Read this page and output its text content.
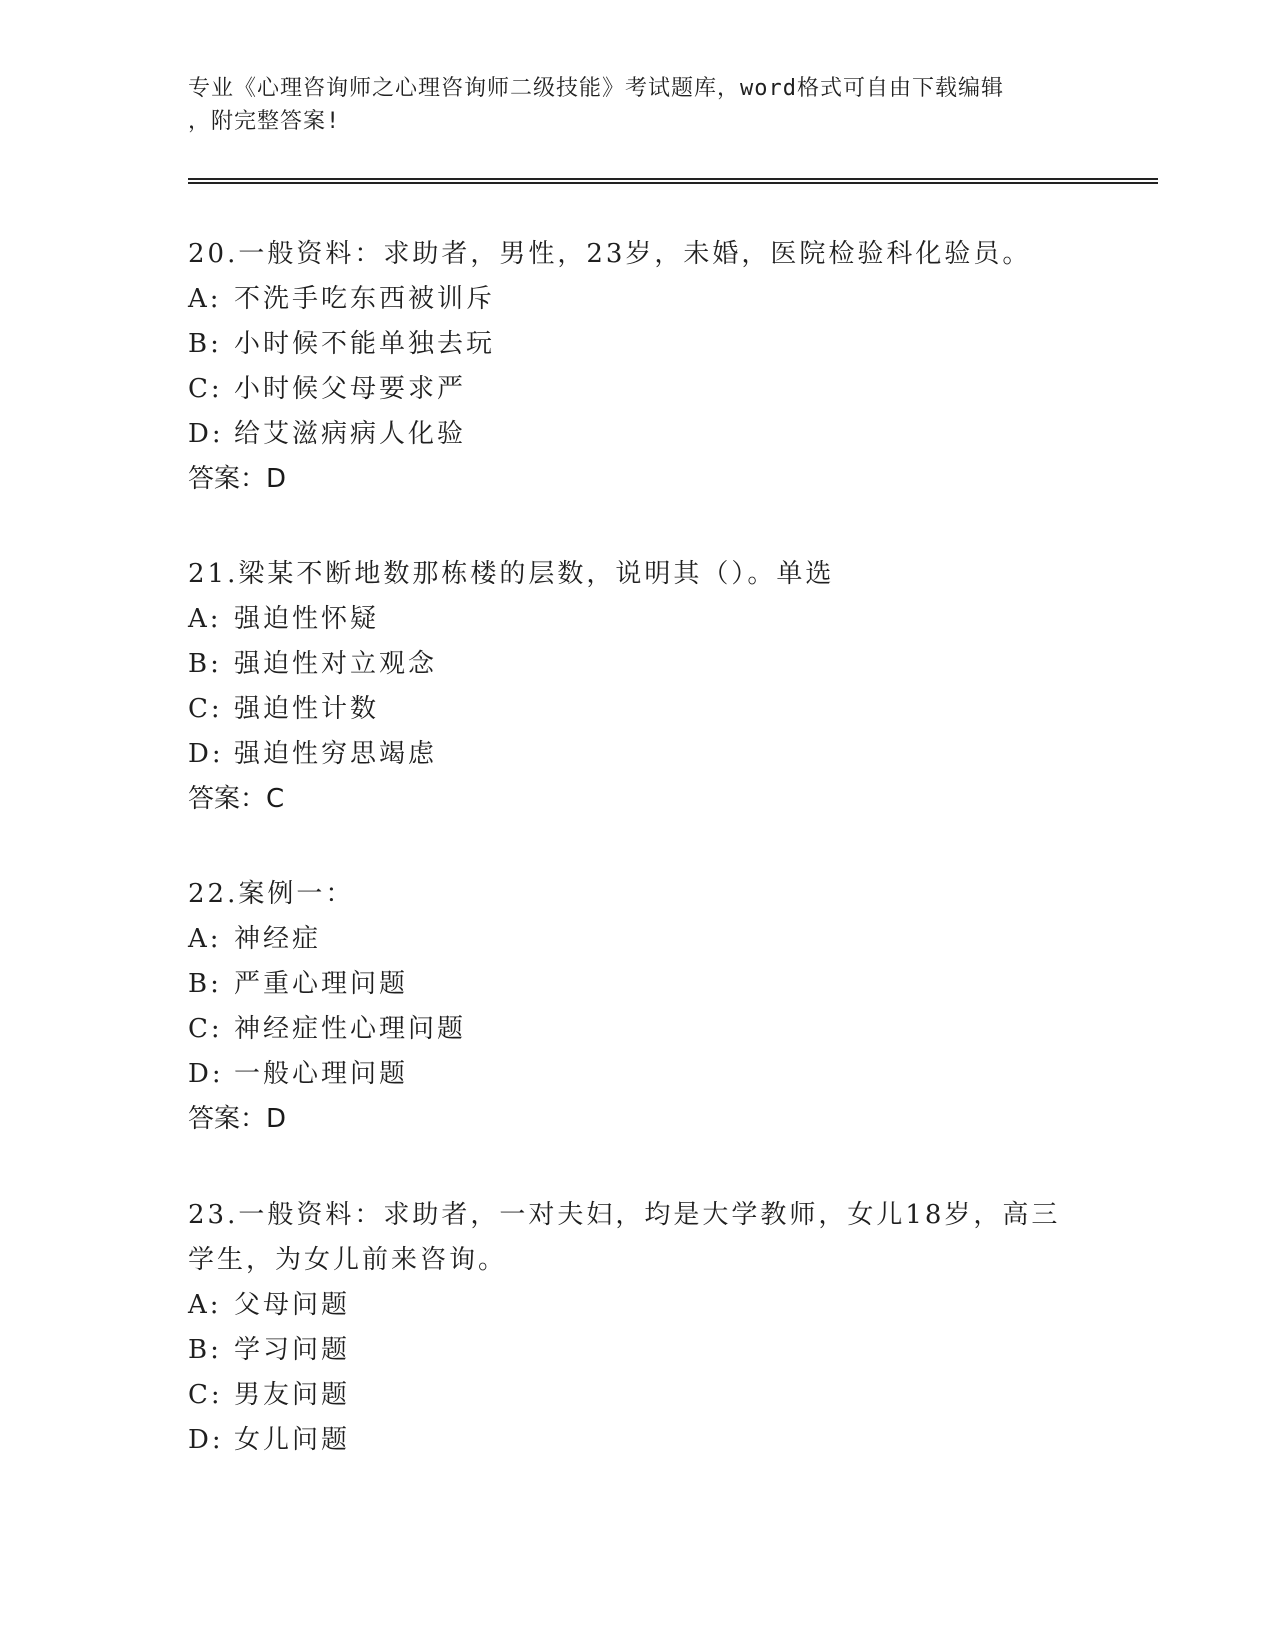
专业《心理咨询师之心理咨询师二级技能》考试题库，word格式可自由下载编辑
，附完整答案!

20.一般资料：求助者，男性，23岁，未婚，医院检验科化验员。

A: 不洗手吃东西被训斥

B: 小时候不能单独去玩

C: 小时候父母要求严

D: 给艾滋病病人化验

答案：D

21.梁某不断地数那栋楼的层数，说明其（）。单选

A: 强迫性怀疑

B: 强迫性对立观念

C: 强迫性计数

D: 强迫性穷思竭虑

答案：C

22.案例一：

A: 神经症

B: 严重心理问题

C: 神经症性心理问题

D: 一般心理问题

答案：D

23.一般资料：求助者，一对夫妇，均是大学教师，女儿18岁，高三学生，为女儿前来咨询。

A: 父母问题

B: 学习问题

C: 男友问题

D: 女儿问题
